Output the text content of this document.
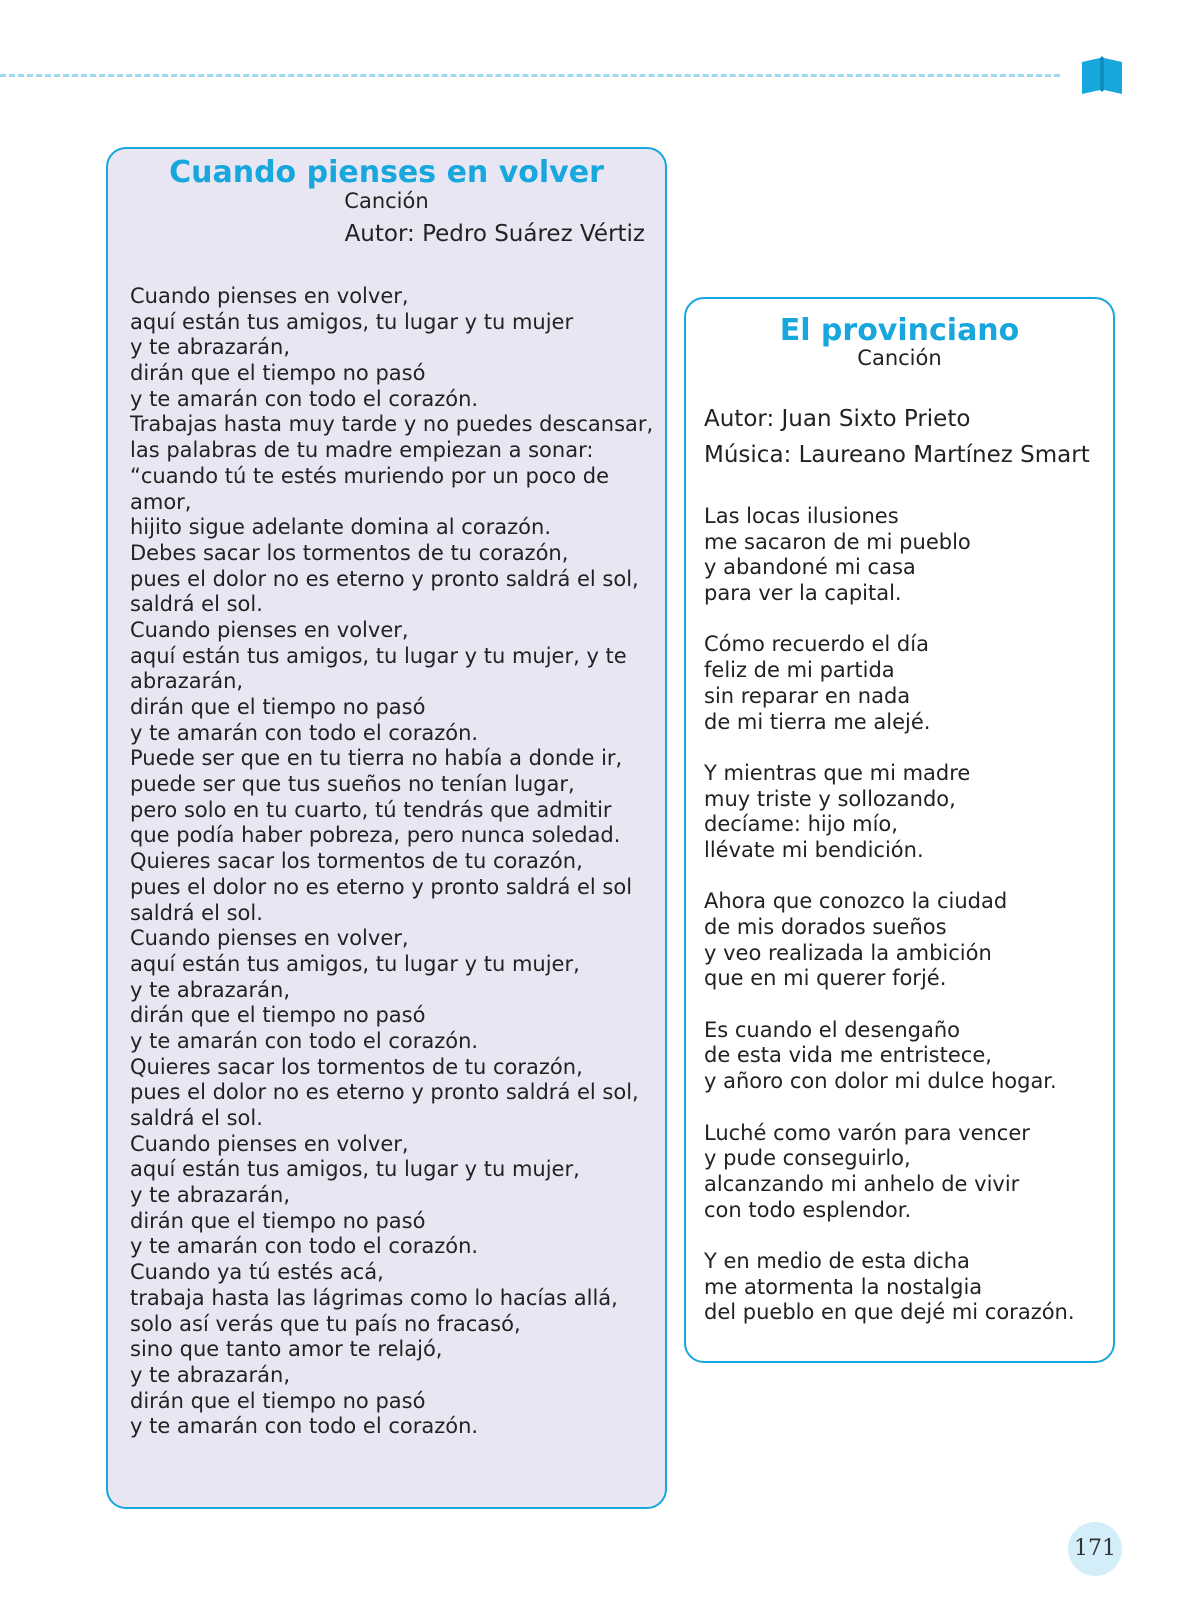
Cuando pienses en volver
Canción
Autor: Pedro Suárez Vértiz
Cuando pienses en volver,
aquí están tus amigos, tu lugar y tu mujer
y te abrazarán,
dirán que el tiempo no pasó
y te amarán con todo el corazón.
Trabajas hasta muy tarde y no puedes descansar,
las palabras de tu madre empiezan a sonar:
“cuando tú te estés muriendo por un poco de
amor,
hijito sigue adelante domina al corazón.
Debes sacar los tormentos de tu corazón,
pues el dolor no es eterno y pronto saldrá el sol,
saldrá el sol.
Cuando pienses en volver,
aquí están tus amigos, tu lugar y tu mujer, y te
abrazarán,
dirán que el tiempo no pasó
y te amarán con todo el corazón.
Puede ser que en tu tierra no había a donde ir,
puede ser que tus sueños no tenían lugar,
pero solo en tu cuarto, tú tendrás que admitir
que podía haber pobreza, pero nunca soledad.
Quieres sacar los tormentos de tu corazón,
pues el dolor no es eterno y pronto saldrá el sol
saldrá el sol.
Cuando pienses en volver,
aquí están tus amigos, tu lugar y tu mujer,
y te abrazarán,
dirán que el tiempo no pasó
y te amarán con todo el corazón.
Quieres sacar los tormentos de tu corazón,
pues el dolor no es eterno y pronto saldrá el sol,
saldrá el sol.
Cuando pienses en volver,
aquí están tus amigos, tu lugar y tu mujer,
y te abrazarán,
dirán que el tiempo no pasó
y te amarán con todo el corazón.
Cuando ya tú estés acá,
trabaja hasta las lágrimas como lo hacías allá,
solo así verás que tu país no fracasó,
sino que tanto amor te relajó,
y te abrazarán,
dirán que el tiempo no pasó
y te amarán con todo el corazón.
El provinciano
Canción
Autor: Juan Sixto Prieto
Música: Laureano Martínez Smart
Las locas ilusiones
me sacaron de mi pueblo
y abandoné mi casa
para ver la capital.
Cómo recuerdo el día
feliz de mi partida
sin reparar en nada
de mi tierra me alejé.
Y mientras que mi madre
muy triste y sollozando,
decíame: hijo mío,
llévate mi bendición.
Ahora que conozco la ciudad
de mis dorados sueños
y veo realizada la ambición
que en mi querer forjé.
Es cuando el desengaño
de esta vida me entristece,
y añoro con dolor mi dulce hogar.
Luché como varón para vencer
y pude conseguirlo,
alcanzando mi anhelo de vivir
con todo esplendor.
Y en medio de esta dicha
me atormenta la nostalgia
del pueblo en que dejé mi corazón.
171
